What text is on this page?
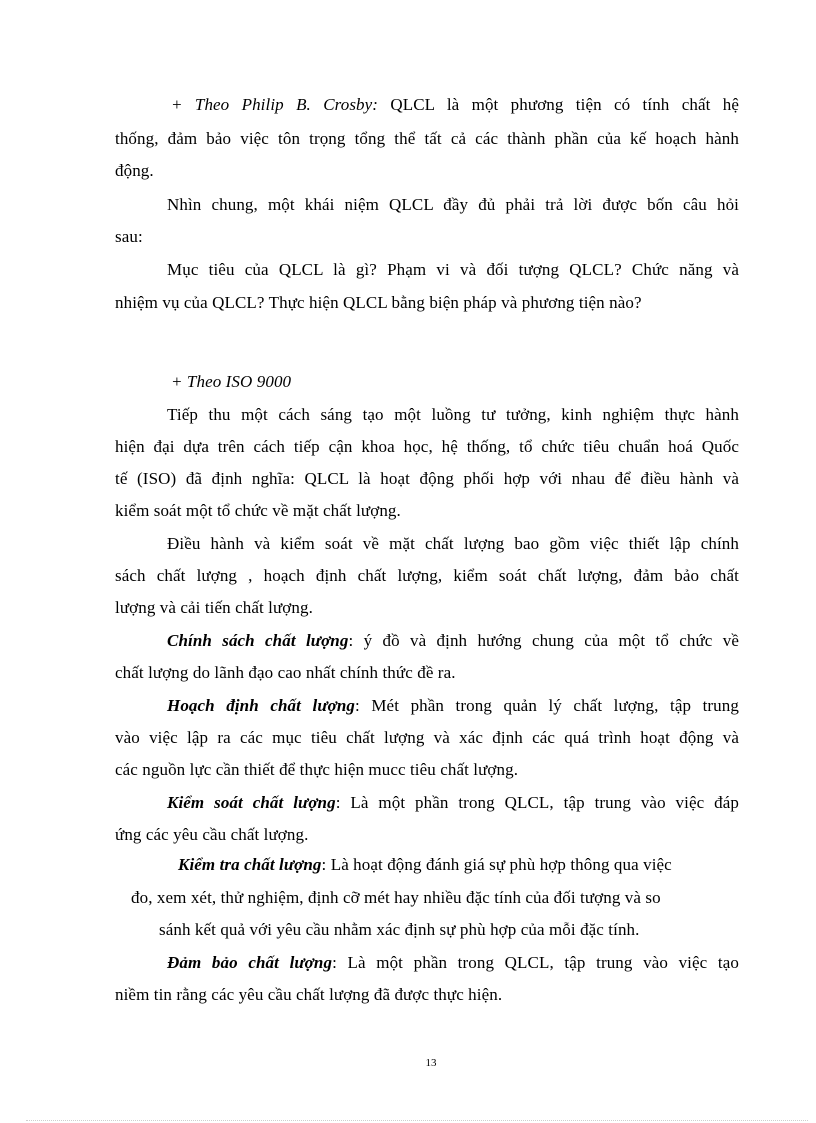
+ Theo Philip B. Crosby: QLCL là một phương tiện có tính chất hệ
thống, đảm bảo việc tôn trọng tổng thể tất cả các thành phần của kế hoạch hành
động.
Nhìn chung, một khái niệm QLCL đầy đủ phải trả lời được bốn câu hỏi
sau:
Mục tiêu của QLCL là gì? Phạm vi và đối tượng QLCL? Chức năng và
nhiệm vụ của QLCL? Thực hiện QLCL bằng biện pháp và phương tiện nào?
+ Theo ISO 9000
Tiếp thu một cách sáng tạo một luồng tư tưởng, kinh nghiệm thực hành
hiện đại dựa trên cách tiếp cận khoa học, hệ thống, tổ chức tiêu chuẩn hoá Quốc
tế (ISO) đã định nghĩa: QLCL là hoạt động phối hợp với nhau để điều hành và
kiểm soát một tổ chức về mặt chất lượng.
Điều hành và kiểm soát về mặt chất lượng bao gồm việc thiết lập chính
sách chất lượng , hoạch định chất lượng, kiểm soát chất lượng, đảm bảo chất
lượng và cải tiến chất lượng.
Chính sách chất lượng: ý đồ và định hướng chung của một tổ chức về
chất lượng do lãnh đạo cao nhất chính thức đề ra.
Hoạch định chất lượng: Mét phần trong quản lý chất lượng, tập trung
vào việc lập ra các mục tiêu chất lượng và xác định các quá trình hoạt động và
các nguồn lực cần thiết để thực hiện mucc tiêu chất lượng.
Kiểm soát chất lượng: Là một phần trong QLCL, tập trung vào việc đáp
ứng các yêu cầu chất lượng.
Kiểm tra chất lượng: Là hoạt động đánh giá sự phù hợp thông qua việc
đo, xem xét, thử nghiệm, định cỡ mét hay nhiều đặc tính của đối tượng và so
sánh kết quả với yêu cầu nhằm xác định sự phù hợp của mỗi đặc tính.
Đảm bảo chất lượng: Là một phần trong QLCL, tập trung vào việc tạo
niềm tin rằng các yêu cầu chất lượng đã được thực hiện.
13
